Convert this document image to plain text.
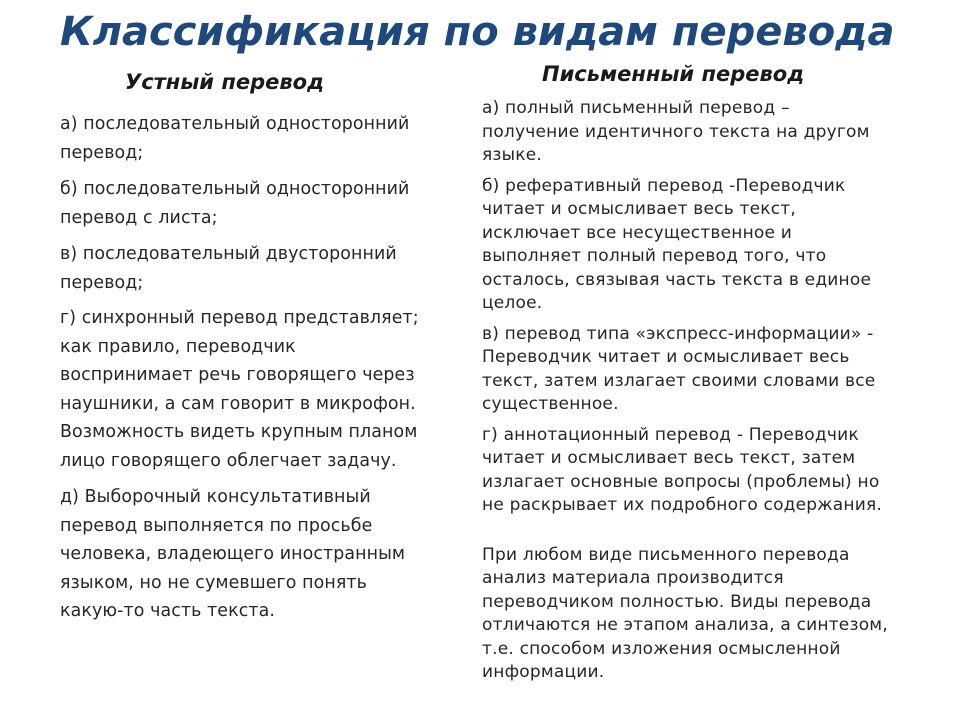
Классификация по видам перевода
Устный перевод	Письменный перевод
а) последовательный односторонний
перевод;
б) последовательный односторонний
перевод с листа;
в) последовательный двусторонний
перевод;
г) синхронный перевод представляет;
как правило, переводчик
воспринимает речь говорящего через
наушники, а сам говорит в микрофон.
Возможность видеть крупным планом
лицо говорящего облегчает задачу.
д) Выборочный консультативный
перевод выполняется по просьбе
человека, владеющего иностранным
языком, но не сумевшего понять
какую-то часть текста.
а) полный письменный перевод –
получение идентичного текста на другом
языке.
б) реферативный перевод -Переводчик
читает и осмысливает весь текст,
исключает все несущественное и
выполняет полный перевод того, что
осталось, связывая часть текста в единое
целое.
в) перевод типа «экспресс-информации» -
Переводчик читает и осмысливает весь
текст, затем излагает своими словами все
существенное.
г) аннотационный перевод - Переводчик
читает и осмысливает весь текст, затем
излагает основные вопросы (проблемы) но
не раскрывает их подробного содержания.
При любом виде письменного перевода
анализ материала производится
переводчиком полностью. Виды перевода
отличаются не этапом анализа, а синтезом,
т.е. способом изложения осмысленной
информации.
